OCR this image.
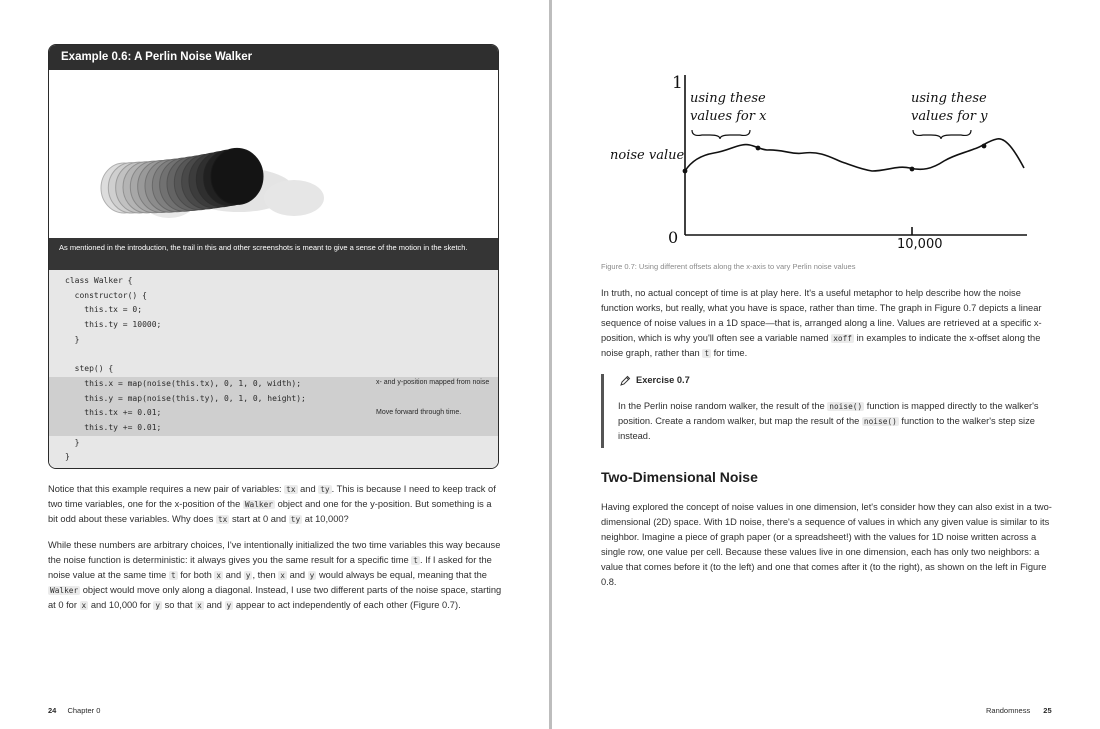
Example 0.6: A Perlin Noise Walker
As mentioned in the introduction, the trail in this and other screenshots is meant to give a sense of the motion in the sketch.
class Walker {
constructor() {
this.tx = 0;
this.ty = 10000;
}
step() {
this.x = map(noise(this.tx), 0, 1, 0, width);
this.y = map(noise(this.ty), 0, 1, 0, height);
this.tx += 0.01;
this.ty += 0.01;
}
}
x- and y-position mapped from noise
Move forward through time.
Notice that this example requires a new pair of variables: tx and ty . This is because I need to keep track of two time variables, one for the x-position of the Walker object and one for the y-position. But something is a bit odd about these variables. Why does tx start at 0 and ty at 10,000?
While these numbers are arbitrary choices, I've intentionally initialized the two time variables this way because the noise function is deterministic: it always gives you the same result for a specific time t . If I asked for the noise value at the same time t for both x and y , then x and y would always be equal, meaning that the Walker object would move only along a diagonal. Instead, I use two different parts of the noise space, starting at 0 for x and 10,000 for y so that x and y appear to act independently of each other (Figure 0.7).
24 Chapter 0
1
0
noise value
10,000
using these
values for x
using these
values for y
Figure 0.7: Using different offsets along the x-axis to vary Perlin noise values
In truth, no actual concept of time is at play here. It's a useful metaphor to help describe how the noise function works, but really, what you have is space, rather than time. The graph in Figure 0.7 depicts a linear sequence of noise values in a 1D space—that is, arranged along a line. Values are retrieved at a specific x-position, which is why you'll often see a variable named xoff in examples to indicate the x-offset along the noise graph, rather than t for time.
Exercise 0.7
In the Perlin noise random walker, the result of the noise() function is mapped directly to the walker's position. Create a random walker, but map the result of the noise() function to the walker's step size instead.
Two-Dimensional Noise
Having explored the concept of noise values in one dimension, let's consider how they can also exist in a two-dimensional (2D) space. With 1D noise, there's a sequence of values in which any given value is similar to its neighbor. Imagine a piece of graph paper (or a spreadsheet!) with the values for 1D noise written across a single row, one value per cell. Because these values live in one dimension, each has only two neighbors: a value that comes before it (to the left) and one that comes after it (to the right), as shown on the left in Figure 0.8.
Randomness 25
